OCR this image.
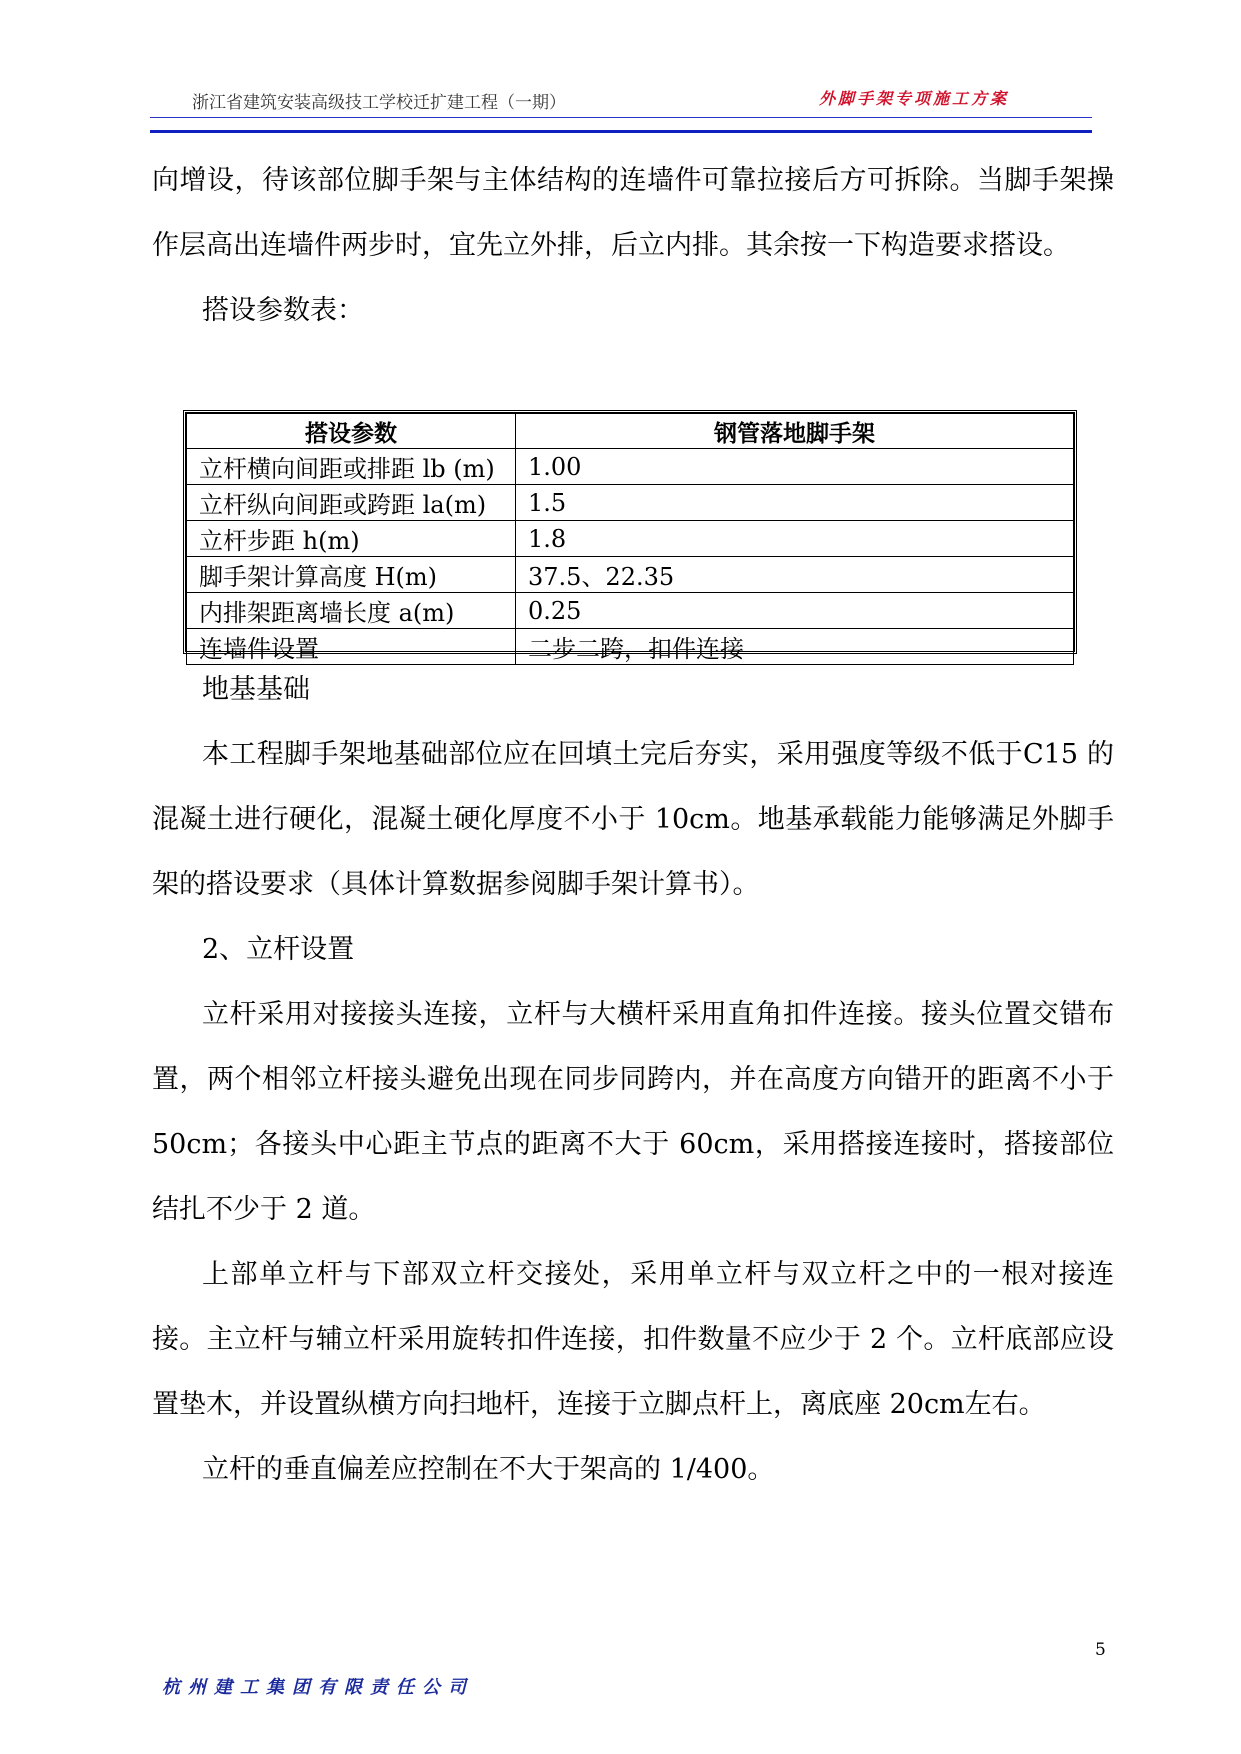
浙江省建筑安装高级技工学校迁扩建工程（一期）	外脚手架专项施工方案

向增设，待该部位脚手架与主体结构的连墙件可靠拉接后方可拆除。当脚手架操作层高出连墙件两步时，宜先立外排，后立内排。其余按一下构造要求搭设。

搭设参数表：

搭设参数	钢管落地脚手架
立杆横向间距或排距 lb (m)	1.00
立杆纵向间距或跨距 la(m)	1.5
立杆步距 h(m)	1.8
脚手架计算高度 H(m)	37.5、22.35
内排架距离墙长度 a(m)	0.25
连墙件设置	二步二跨，扣件连接

地基基础

本工程脚手架地基础部位应在回填土完后夯实，采用强度等级不低于C15 的混凝土进行硬化，混凝土硬化厚度不小于 10cm。地基承载能力能够满足外脚手架的搭设要求（具体计算数据参阅脚手架计算书）。

2、立杆设置

立杆采用对接接头连接，立杆与大横杆采用直角扣件连接。接头位置交错布置，两个相邻立杆接头避免出现在同步同跨内，并在高度方向错开的距离不小于 50cm；各接头中心距主节点的距离不大于 60cm，采用搭接连接时，搭接部位结扎不少于 2 道。

上部单立杆与下部双立杆交接处，采用单立杆与双立杆之中的一根对接连接。主立杆与辅立杆采用旋转扣件连接，扣件数量不应少于 2 个。立杆底部应设置垫木，并设置纵横方向扫地杆，连接于立脚点杆上，离底座 20cm左右。

立杆的垂直偏差应控制在不大于架高的 1/400。

5
杭州建工集团有限责任公司
